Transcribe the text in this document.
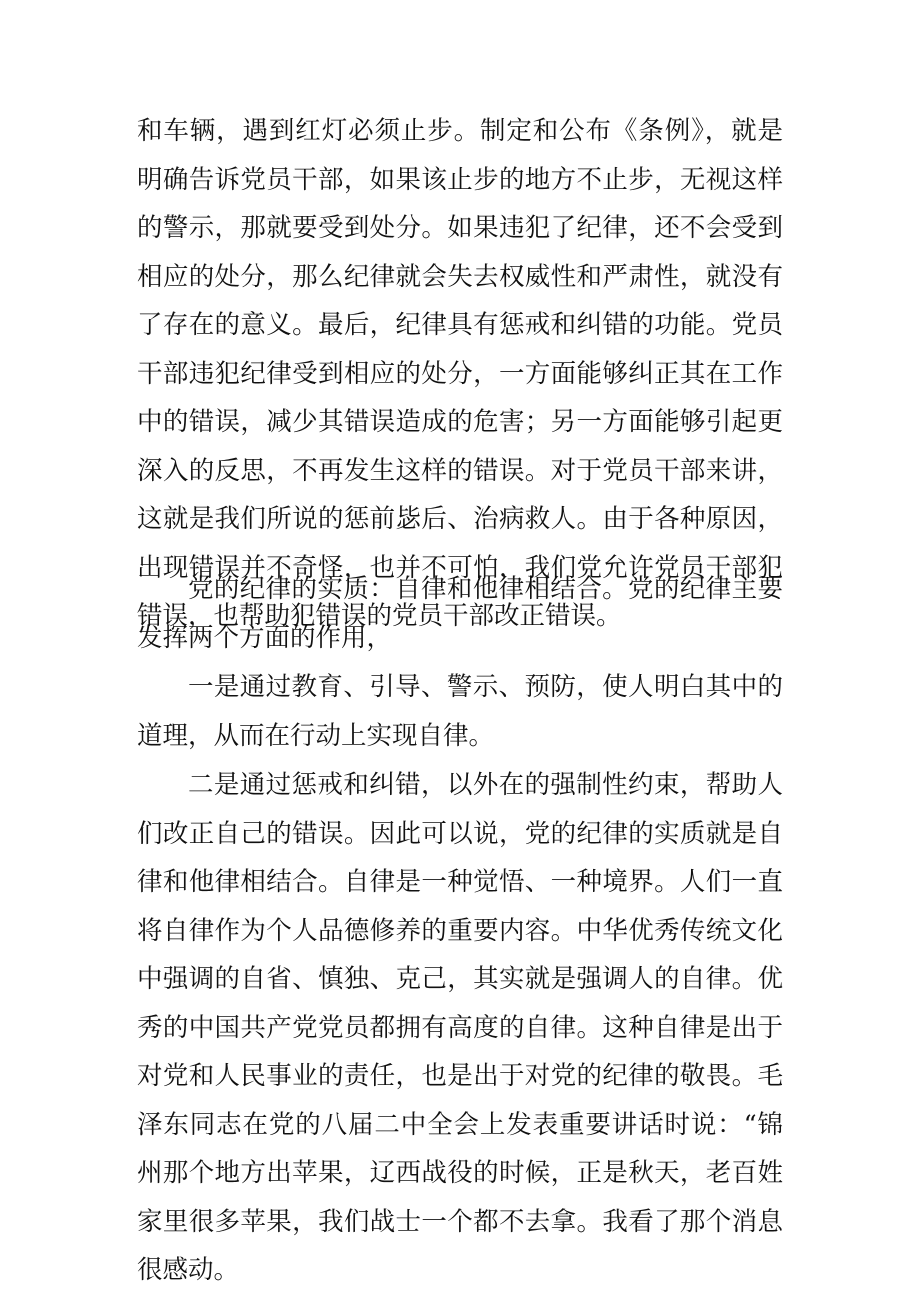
和车辆，遇到红灯必须止步。制定和公布《条例》，就是明确告诉党员干部，如果该止步的地方不止步，无视这样的警示，那就要受到处分。如果违犯了纪律，还不会受到相应的处分，那么纪律就会失去权威性和严肃性，就没有了存在的意义。最后，纪律具有惩戒和纠错的功能。党员干部违犯纪律受到相应的处分，一方面能够纠正其在工作中的错误，减少其错误造成的危害；另一方面能够引起更深入的反思，不再发生这样的错误。对于党员干部来讲，这就是我们所说的惩前毖后、治病救人。由于各种原因，出现错误并不奇怪，也并不可怕，我们党允许党员干部犯错误，也帮助犯错误的党员干部改正错误。

党的纪律的实质：自律和他律相结合。党的纪律主要发挥两个方面的作用，

一是通过教育、引导、警示、预防，使人明白其中的道理，从而在行动上实现自律。

二是通过惩戒和纠错，以外在的强制性约束，帮助人们改正自己的错误。因此可以说，党的纪律的实质就是自律和他律相结合。自律是一种觉悟、一种境界。人们一直将自律作为个人品德修养的重要内容。中华优秀传统文化中强调的自省、慎独、克己，其实就是强调人的自律。优秀的中国共产党党员都拥有高度的自律。这种自律是出于对党和人民事业的责任，也是出于对党的纪律的敬畏。毛泽东同志在党的八届二中全会上发表重要讲话时说：“锦州那个地方出苹果，辽西战役的时候，正是秋天，老百姓家里很多苹果，我们战士一个都不去拿。我看了那个消息很感动。
